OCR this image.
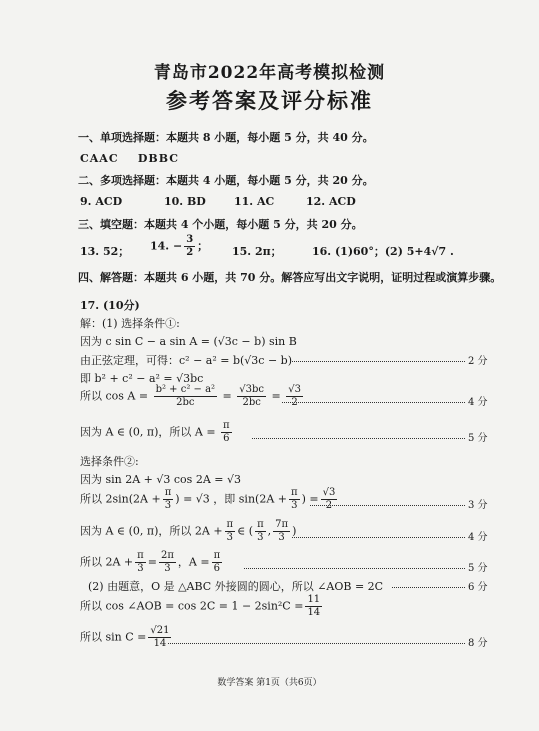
青岛市2022年高考模拟检测
参考答案及评分标准
一、单项选择题：本题共 8 小题，每小题 5 分，共 40 分。
CAAC    DBBC
二、多项选择题：本题共 4 小题，每小题 5 分，共 20 分。
9. ACD	10. BD	11. AC	12. ACD
三、填空题：本题共 4 个小题，每小题 5 分，共 20 分。
13. 52； 14. − $\frac{3}{2}$ ； 15. 2π；	16. (1)60°；(2) 5+4√7 .
四、解答题：本题共 6 小题，共 70 分。解答应写出文字说明，证明过程或演算步骤。
17. (10分)
解：(1) 选择条件①:
因为 c sin C − a sin A = (√3c − b) sin B
由正弦定理，可得：c² − a² = b(√3c − b)	2 分
即 b² + c² − a² = √3bc
所以 $\cos A = \frac{\text{b² + c² − a²}}{2bc} = \frac{√3bc}{2bc} = \frac{√3}{2}$	4 分
因为 A ∈ (0, π)，所以 $A = \frac{\pi}{6}$	5 分
选择条件②:
因为 sin 2A + √3 cos 2A = √3
所以 $2\sin(2A + \frac{\pi}{3}$ ) = √3 ，即 $\sin(2A + \frac{\pi}{3}$ ) = $\frac{√3}{2}$	3 分
因为 A ∈ (0, π)，所以 $2A + \frac{\pi}{3}$ ∈ ( $\frac{\pi}{3}$ , $\frac{7\pi}{3}$ )	4 分
所以 $2A + \frac{\pi}{3} = \frac{2\pi}{3}$ ，$A = \frac{\pi}{6}$	5 分
(2) 由题意，O 是 △ABC 外接圆的圆心，所以 ∠AOB = 2C	6 分
所以 cos ∠AOB = $\cos 2C = 1 - 2\sin^2C = \frac{11}{14}$
所以 $\sin C = \frac{√21}{14}$	8 分
数学答案 第1页（共6页）
